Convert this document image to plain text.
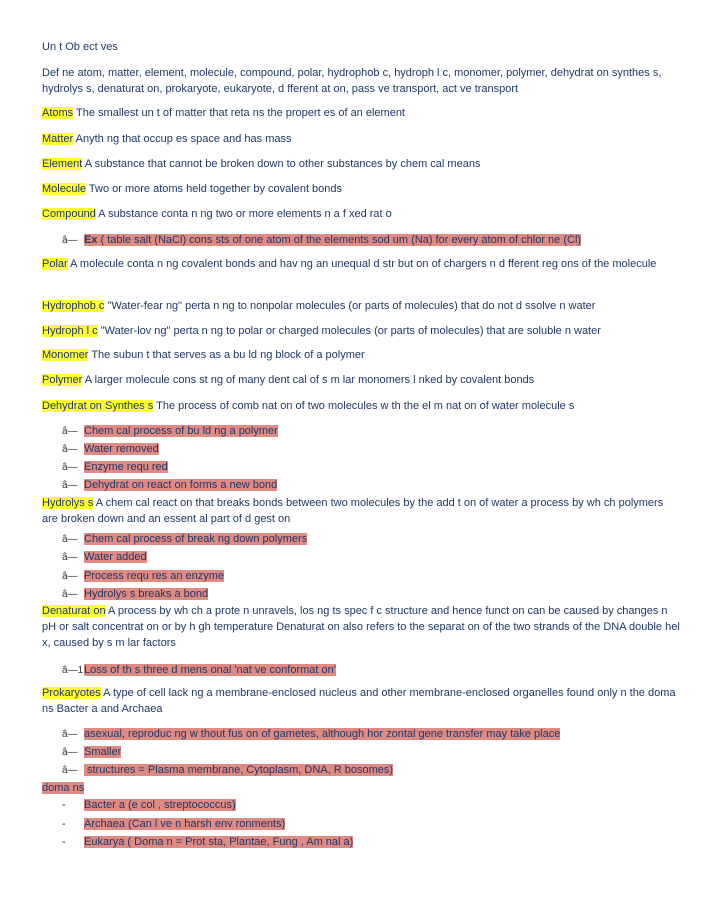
Un t Ob ect ves
Def ne atom, matter, element, molecule, compound, polar, hydrophob c, hydroph l c, monomer, polymer, dehydrat on synthes s, hydrolys s, denaturat on, prokaryote, eukaryote, d fferent at on, pass ve transport, act ve transport
Atoms The smallest un t of matter that reta ns the propert es of an element
Matter Anyth ng that occup es space and has mass
Element A substance that cannot be broken down to other substances by chem cal means
Molecule Two or more atoms held together by covalent bonds
Compound A substance conta n ng two or more elements n a f xed rat o
â— Ex ( table salt (NaCl) cons sts of one atom of the elements sod um (Na) for every atom of chlor ne (Cl)
Polar A molecule conta n ng covalent bonds and hav ng an unequal d str but on of chargers n d fferent reg ons of the molecule
Hydrophob c "Water-fear ng" perta n ng to nonpolar molecules (or parts of molecules) that do not d ssolve n water
Hydroph l c "Water-lov ng" perta n ng to polar or charged molecules (or parts of molecules) that are soluble n water
Monomer The subun t that serves as a bu ld ng block of a polymer
Polymer A larger molecule cons st ng of many dent cal of s m lar monomers l nked by covalent bonds
Dehydrat on Synthes s The process of comb nat on of two molecules w th the el m nat on of water molecule s
â— Chem cal process of bu ld ng a polymer
â— Water removed
â— Enzyme requ red
â— Dehydrat on react on forms a new bond
Hydrolys s A chem cal react on that breaks bonds between two molecules by the add t on of water a process by wh ch polymers are broken down and an essent al part of d gest on
â— Chem cal process of break ng down polymers
â— Water added
â— Process requ res an enzyme
â— Hydrolys s breaks a bond
Denaturat on A process by wh ch a prote n unravels, los ng ts spec f c structure and hence funct on can be caused by changes n pH or salt concentrat on or by h gh temperature Denaturat on also refers to the separat on of the two strands of the DNA double hel x, caused by s m lar factors
â—1Loss of th s three d mens onal 'nat ve conformat on'
Prokaryotes A type of cell lack ng a membrane-enclosed nucleus and other membrane-enclosed organelles found only n the doma ns Bacter a and Archaea
â— asexual, reproduc ng w thout fus on of gametes, although hor zontal gene transfer may take place
â— Smaller
â— structures = Plasma membrane, Cytoplasm, DNA, R bosomes)
doma ns
- Bacter a (e col , streptococcus)
- Archaea (Can l ve n harsh env ronments)
- Eukarya ( Doma n = Prot sta, Plantae, Fung , Am nal a)
